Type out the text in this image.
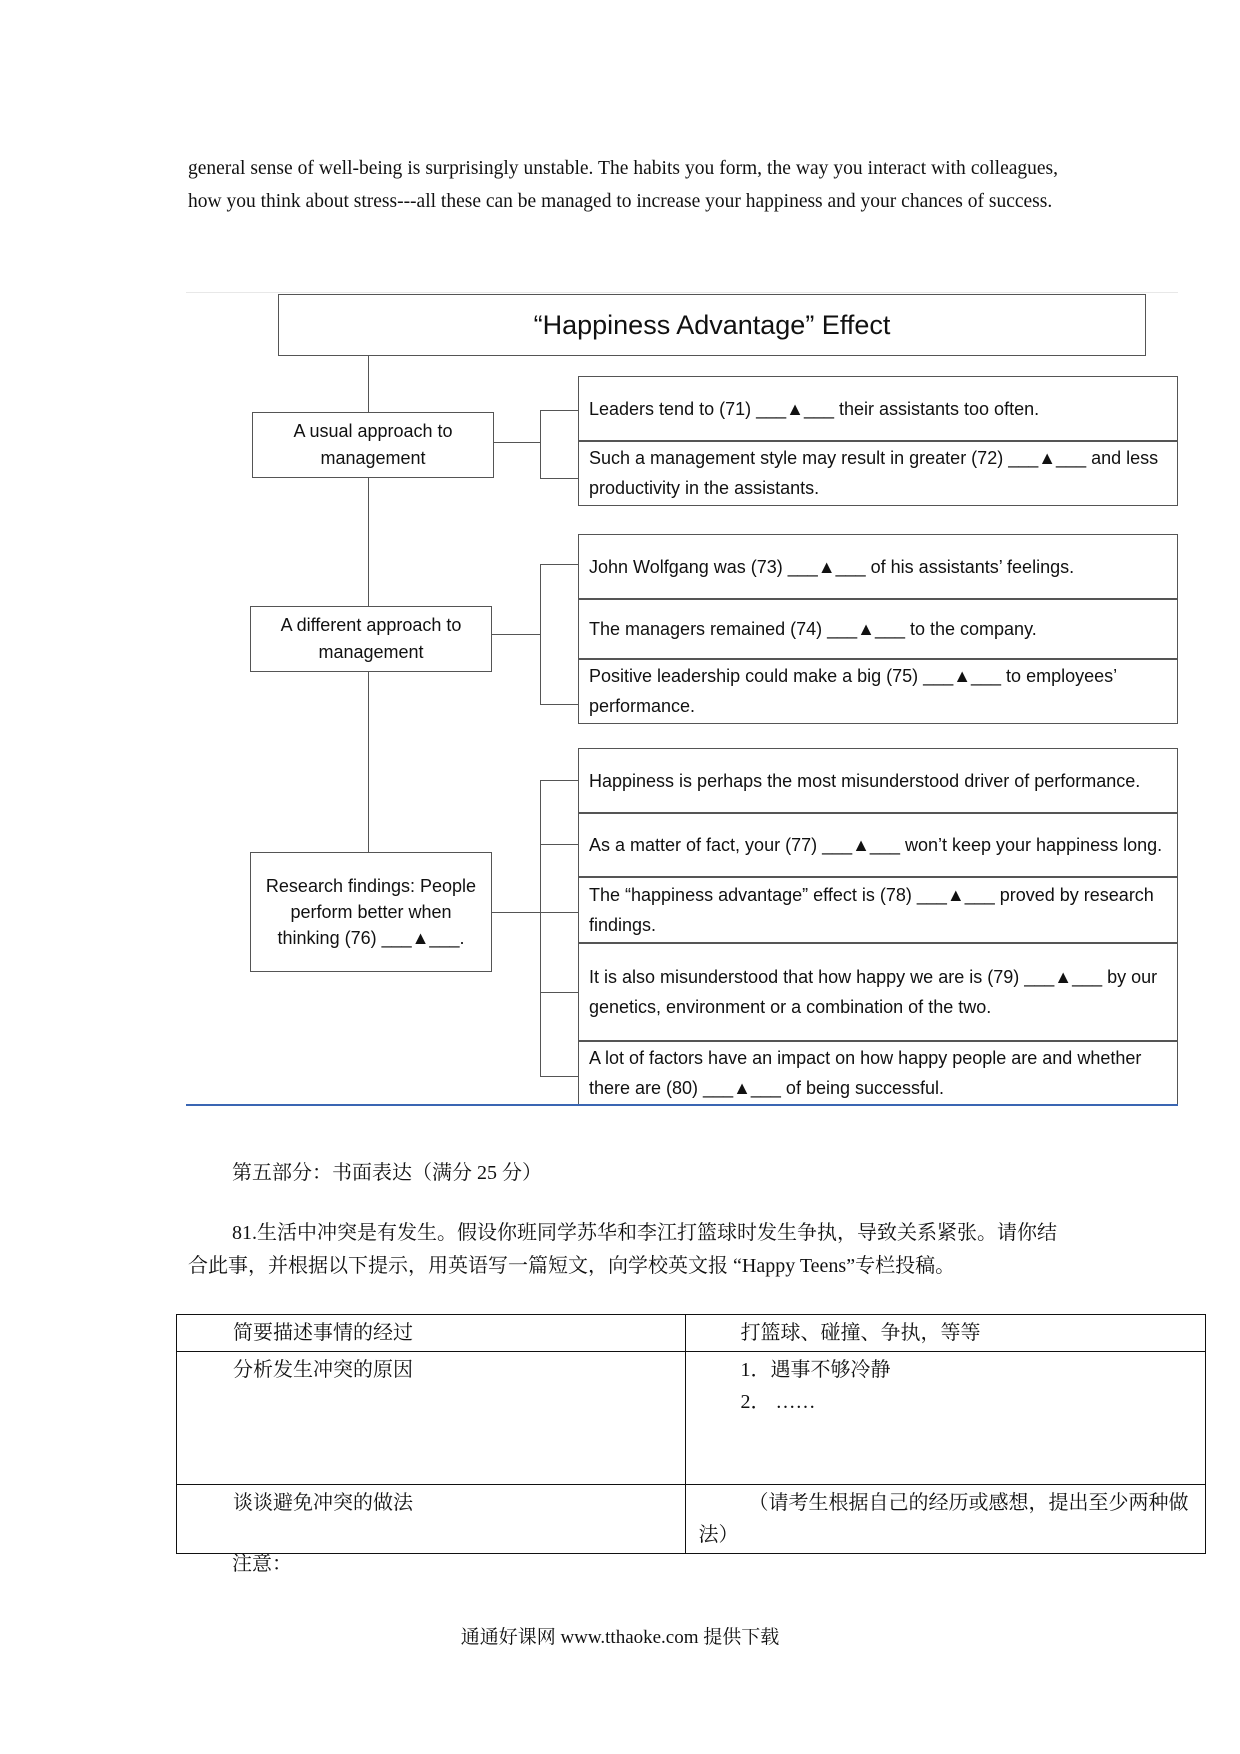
general sense of well-being is surprisingly unstable. The habits you form, the way you interact with colleagues, how you think about stress---all these can be managed to increase your happiness and your chances of success.
“Happiness Advantage” Effect
A usual approach to management
Leaders tend to (71) ___▲___ their assistants too often.
Such a management style may result in greater (72) ___▲___ and less productivity in the assistants.
A different approach to management
John Wolfgang was (73) ___▲___ of his assistants’ feelings.
The managers remained (74) ___▲___ to the company.
Positive leadership could make a big (75) ___▲___ to employees’ performance.
Research findings: People perform better when thinking (76) ___▲___.
Happiness is perhaps the most misunderstood driver of performance.
As a matter of fact, your (77) ___▲___ won’t keep your happiness long.
The “happiness advantage” effect is (78) ___▲___ proved by research findings.
It is also misunderstood that how happy we are is (79) ___▲___ by our genetics, environment or a combination of the two.
A lot of factors have an impact on how happy people are and whether there are (80) ___▲___ of being successful.
第五部分：书面表达（满分 25 分）
81.生活中冲突是有发生。假设你班同学苏华和李江打篮球时发生争执，导致关系紧张。请你结合此事，并根据以下提示，用英语写一篇短文，向学校英文报 “Happy Teens”专栏投稿。
简要描述事情的经过	打篮球、碰撞、争执，等等
分析发生冲突的原因	1．遇事不够冷静
2． ……

谈谈避免冲突的做法	（请考生根据自己的经历或感想，提出至少两种做法）
注意：
通通好课网 www.tthaoke.com 提供下载
